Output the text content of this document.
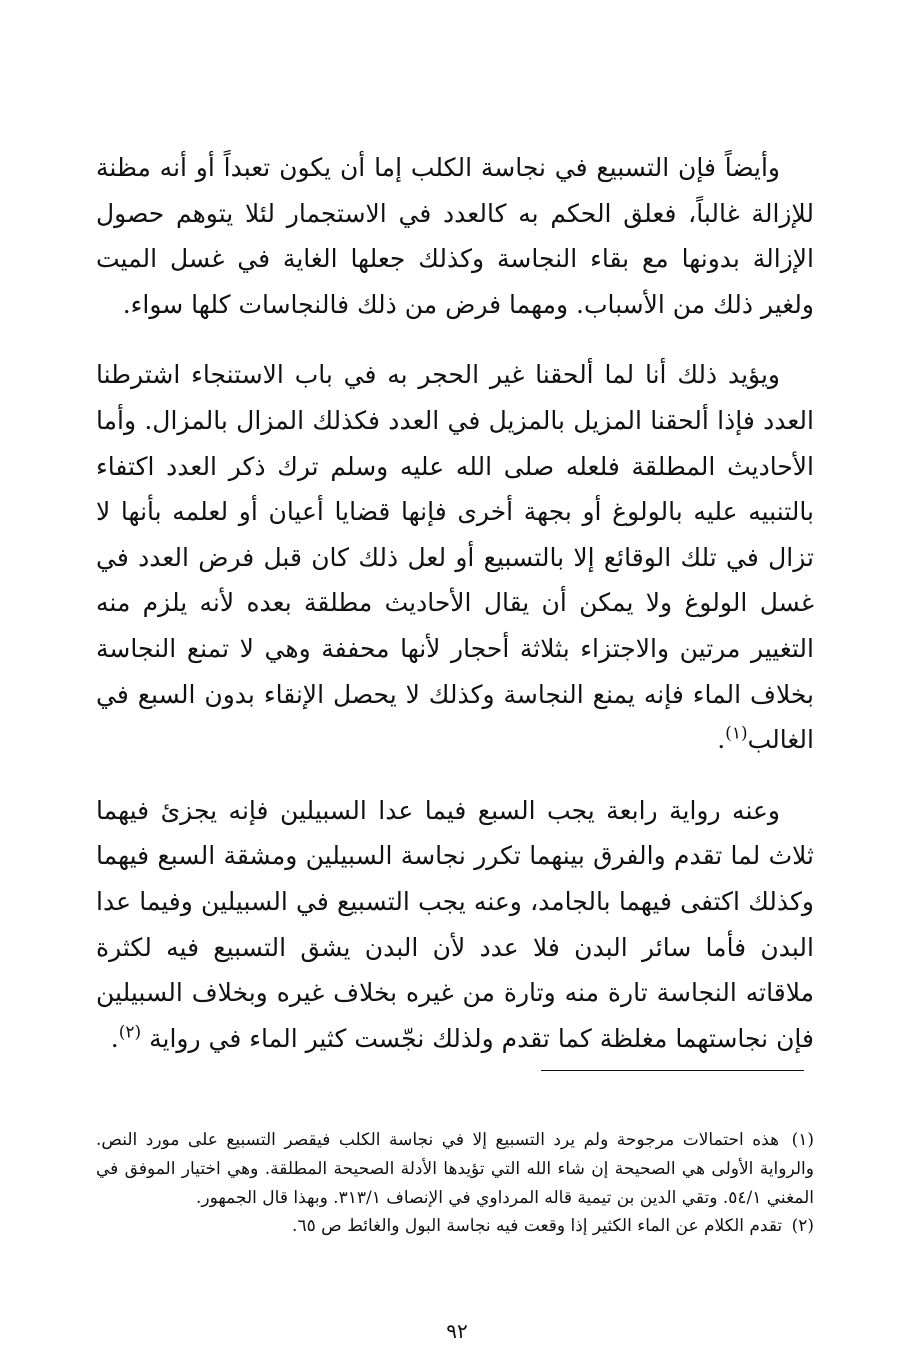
وأيضاً فإن التسبيع في نجاسة الكلب إما أن يكون تعبداً أو أنه مظنة للإزالة غالباً، فعلق الحكم به كالعدد في الاستجمار لئلا يتوهم حصول الإزالة بدونها مع بقاء النجاسة وكذلك جعلها الغاية في غسل الميت ولغير ذلك من الأسباب. ومهما فرض من ذلك فالنجاسات كلها سواء.

ويؤيد ذلك أنا لما ألحقنا غير الحجر به في باب الاستنجاء اشترطنا العدد فإذا ألحقنا المزيل بالمزيل في العدد فكذلك المزال بالمزال. وأما الأحاديث المطلقة فلعله صلى الله عليه وسلم ترك ذكر العدد اكتفاء بالتنبيه عليه بالولوغ أو بجهة أخرى فإنها قضايا أعيان أو لعلمه بأنها لا تزال في تلك الوقائع إلا بالتسبيع أو لعل ذلك كان قبل فرض العدد في غسل الولوغ ولا يمكن أن يقال الأحاديث مطلقة بعده لأنه يلزم منه التغيير مرتين والاجتزاء بثلاثة أحجار لأنها محففة وهي لا تمنع النجاسة بخلاف الماء فإنه يمنع النجاسة وكذلك لا يحصل الإنقاء بدون السبع في الغالب$^{(١)}$.

وعنه رواية رابعة يجب السبع فيما عدا السبيلين فإنه يجزئ فيهما ثلاث لما تقدم والفرق بينهما تكرر نجاسة السبيلين ومشقة السبع فيهما وكذلك اكتفى فيهما بالجامد، وعنه يجب التسبيع في السبيلين وفيما عدا البدن فأما سائر البدن فلا عدد لأن البدن يشق التسبيع فيه لكثرة ملاقاته النجاسة تارة منه وتارة من غيره بخلاف غيره وبخلاف السبيلين فإن نجاستهما مغلظة كما تقدم ولذلك نجّست كثير الماء في رواية $^{(٢)}$.

(١) هذه احتمالات مرجوحة ولم يرد التسبيع إلا في نجاسة الكلب فيقصر التسبيع على مورد النص. والرواية الأولى هي الصحيحة إن شاء الله التي تؤيدها الأدلة الصحيحة المطلقة. وهي اختيار الموفق في المغني ٥٤/١. وتقي الدين بن تيمية قاله المرداوي في الإنصاف ٣١٣/١. وبهذا قال الجمهور.

(٢) تقدم الكلام عن الماء الكثير إذا وقعت فيه نجاسة البول والغائط ص ٦٥.

٩٢
